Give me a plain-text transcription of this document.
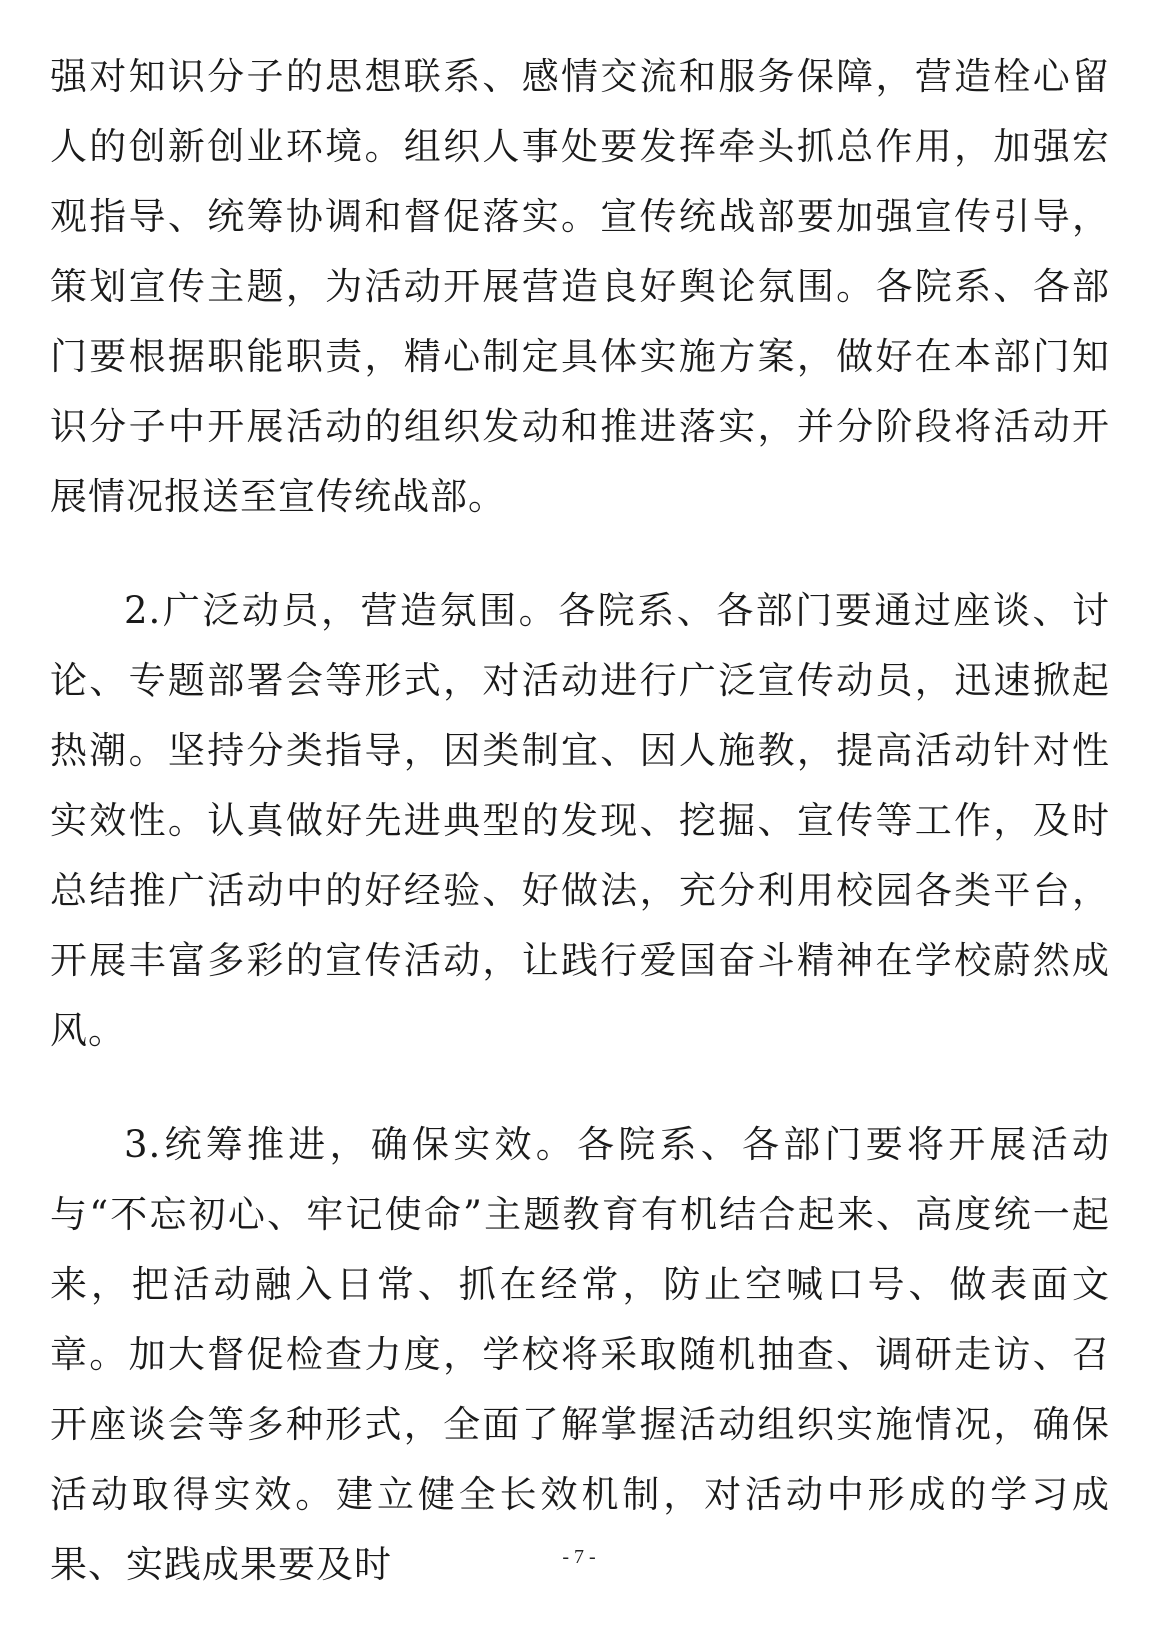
强对知识分子的思想联系、感情交流和服务保障，营造栓心留人的创新创业环境。组织人事处要发挥牵头抓总作用，加强宏观指导、统筹协调和督促落实。宣传统战部要加强宣传引导，策划宣传主题，为活动开展营造良好舆论氛围。各院系、各部门要根据职能职责，精心制定具体实施方案，做好在本部门知识分子中开展活动的组织发动和推进落实，并分阶段将活动开展情况报送至宣传统战部。

2.广泛动员，营造氛围。各院系、各部门要通过座谈、讨论、专题部署会等形式，对活动进行广泛宣传动员，迅速掀起热潮。坚持分类指导，因类制宜、因人施教，提高活动针对性实效性。认真做好先进典型的发现、挖掘、宣传等工作，及时总结推广活动中的好经验、好做法，充分利用校园各类平台，开展丰富多彩的宣传活动，让践行爱国奋斗精神在学校蔚然成风。

3.统筹推进，确保实效。各院系、各部门要将开展活动与“不忘初心、牢记使命”主题教育有机结合起来、高度统一起来，把活动融入日常、抓在经常，防止空喊口号、做表面文章。加大督促检查力度，学校将采取随机抽查、调研走访、召开座谈会等多种形式，全面了解掌握活动组织实施情况，确保活动取得实效。建立健全长效机制，对活动中形成的学习成果、实践成果要及时	- 7 -
